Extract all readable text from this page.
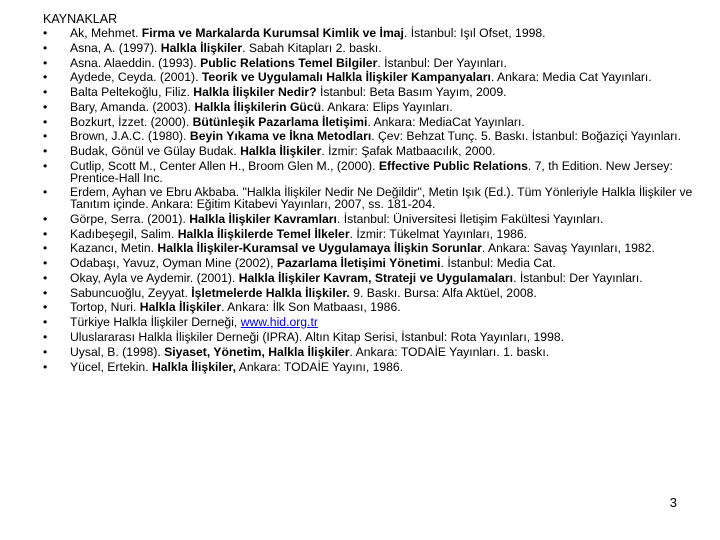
KAYNAKLAR
•	Ak, Mehmet. Firma ve Markalarda Kurumsal Kimlik ve İmaj. İstanbul: Işıl Ofset, 1998.
•	Asna, A. (1997). Halkla İlişkiler. Sabah Kitapları 2. baskı.
•	Asna. Alaeddin. (1993). Public Relations Temel Bilgiler. İstanbul: Der Yayınları.
•	Aydede, Ceyda. (2001). Teorik ve Uygulamalı Halkla İlişkiler Kampanyaları. Ankara: Media Cat Yayınları.
•	Balta Peltekoğlu, Filiz. Halkla İlişkiler Nedir? İstanbul: Beta Basım Yayım, 2009.
•	Bary, Amanda. (2003). Halkla İlişkilerin Gücü. Ankara: Elips Yayınları.
•	Bozkurt, İzzet. (2000). Bütünleşik Pazarlama İletişimi. Ankara: MediaCat Yayınları.
•	Brown, J.A.C. (1980). Beyin Yıkama ve İkna Metodları. Çev: Behzat Tunç. 5. Baskı. İstanbul: Boğaziçi Yayınları.
•	Budak, Gönül ve Gülay Budak. Halkla İlişkiler. İzmir: Şafak Matbaacılık, 2000.
•	Cutlip, Scott M., Center Allen H., Broom Glen M., (2000). Effective Public Relations. 7, th Edition. New Jersey: Prentice-Hall Inc.
•	Erdem, Ayhan ve Ebru Akbaba. "Halkla İlişkiler Nedir Ne Değildir", Metin Işık (Ed.). Tüm Yönleriyle Halkla İlişkiler ve Tanıtım içinde. Ankara: Eğitim Kitabevi Yayınları, 2007, ss. 181-204.
•	Görpe, Serra. (2001). Halkla İlişkiler Kavramları. İstanbul: Üniversitesi İletişim Fakültesi Yayınları.
•	Kadıbeşegil, Salim. Halkla İlişkilerde Temel İlkeler. İzmir: Tükelmat Yayınları, 1986.
•	Kazancı, Metin. Halkla İlişkiler-Kuramsal ve Uygulamaya İlişkin Sorunlar. Ankara: Savaş Yayınları, 1982.
•	Odabaşı, Yavuz, Oyman Mine (2002), Pazarlama İletişimi Yönetimi. İstanbul: Media Cat.
•	Okay, Ayla ve Aydemir. (2001). Halkla İlişkiler Kavram, Strateji ve Uygulamaları. İstanbul: Der Yayınları.
•	Sabuncuoğlu, Zeyyat. İşletmelerde Halkla İlişkiler. 9. Baskı. Bursa: Alfa Aktüel, 2008.
•	Tortop, Nuri. Halkla İlişkiler. Ankara: İlk Son Matbaası, 1986.
•	Türkiye Halkla İlişkiler Derneği, www.hid.org.tr
•	Uluslararası Halkla İlişkiler Derneği (IPRA). Altın Kitap Serisi, İstanbul: Rota Yayınları, 1998.
•	Uysal, B. (1998). Siyaset, Yönetim, Halkla İlişkiler. Ankara: TODAİE Yayınları. 1. baskı.
•	Yücel, Ertekin. Halkla İlişkiler, Ankara: TODAİE Yayını, 1986.
3
